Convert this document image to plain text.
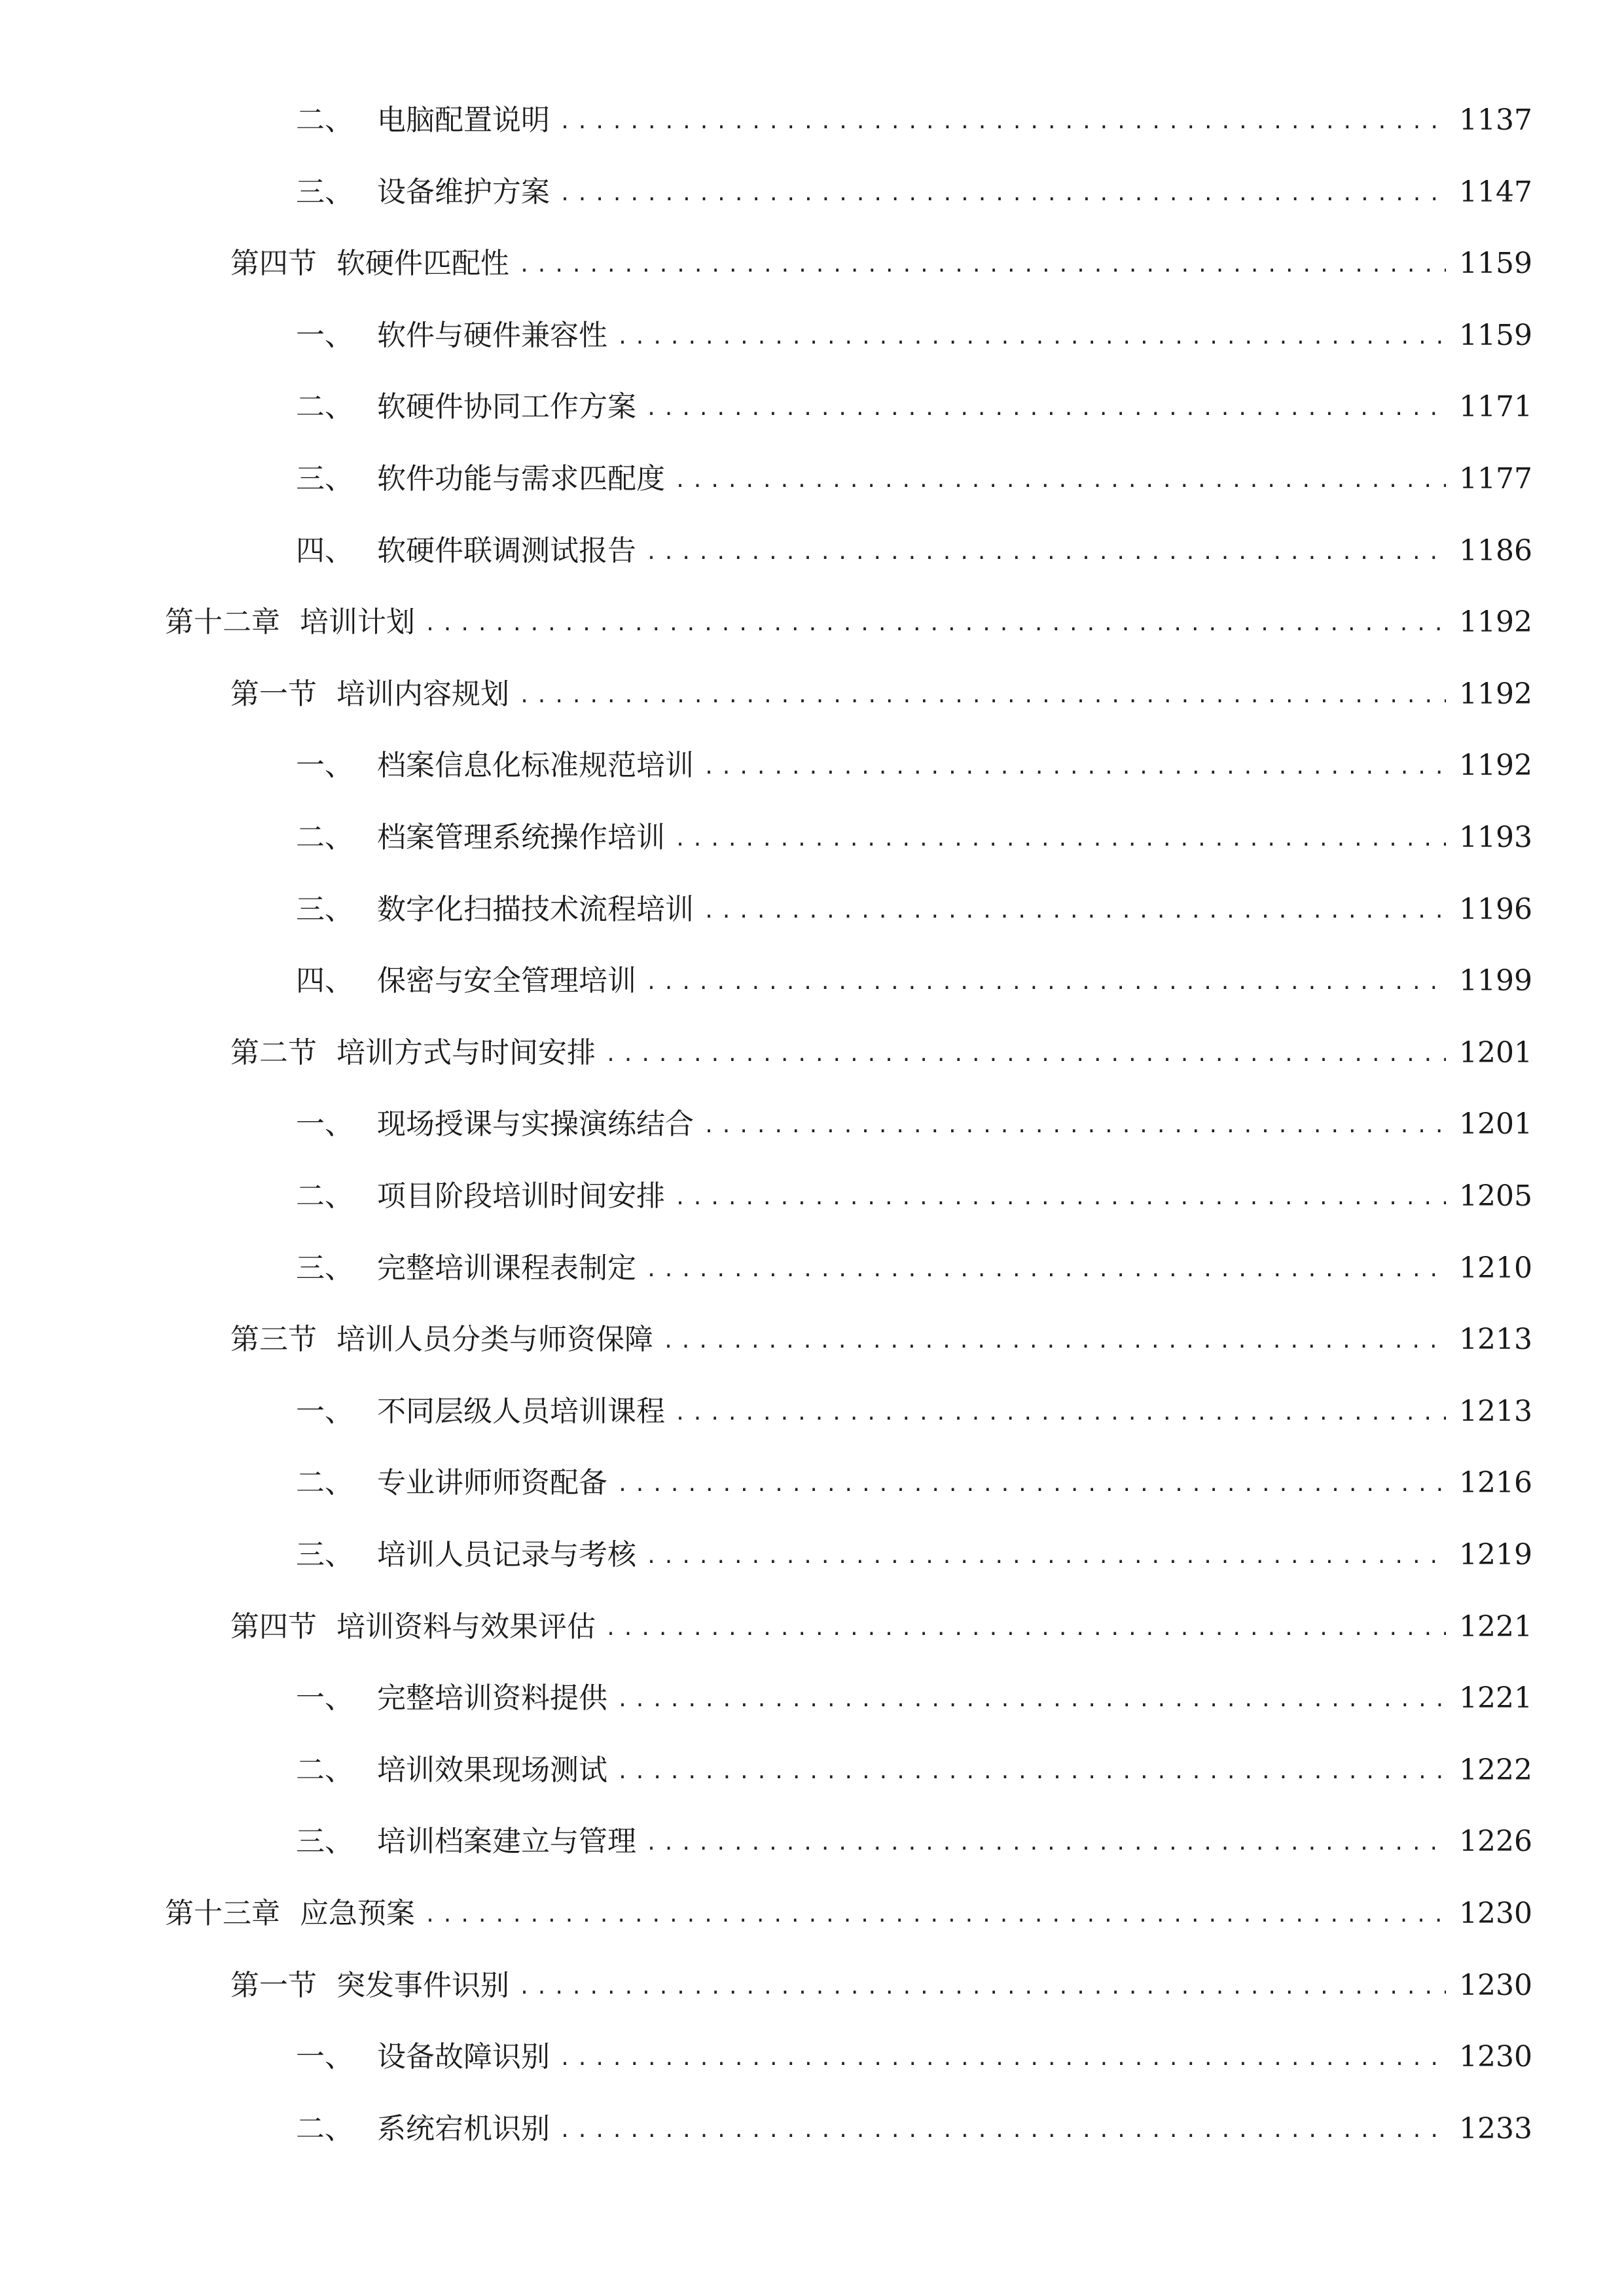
二、 电脑配置说明 .....	1137
三、 设备维护方案 .....	1147
第四节 软硬件匹配性 .....	1159
一、 软件与硬件兼容性 .....	1159
二、 软硬件协同工作方案 .....	1171
三、 软件功能与需求匹配度 .....	1177
四、 软硬件联调测试报告 .....	1186
第十二章 培训计划 .....	1192
第一节 培训内容规划 .....	1192
一、 档案信息化标准规范培训 .....	1192
二、 档案管理系统操作培训 .....	1193
三、 数字化扫描技术流程培训 .....	1196
四、 保密与安全管理培训 .....	1199
第二节 培训方式与时间安排 .....	1201
一、 现场授课与实操演练结合 .....	1201
二、 项目阶段培训时间安排 .....	1205
三、 完整培训课程表制定 .....	1210
第三节 培训人员分类与师资保障 .....	1213
一、 不同层级人员培训课程 .....	1213
二、 专业讲师师资配备 .....	1216
三、 培训人员记录与考核 .....	1219
第四节 培训资料与效果评估 .....	1221
一、 完整培训资料提供 .....	1221
二、 培训效果现场测试 .....	1222
三、 培训档案建立与管理 .....	1226
第十三章 应急预案 .....	1230
第一节 突发事件识别 .....	1230
一、 设备故障识别 .....	1230
二、 系统宕机识别 .....	1233
